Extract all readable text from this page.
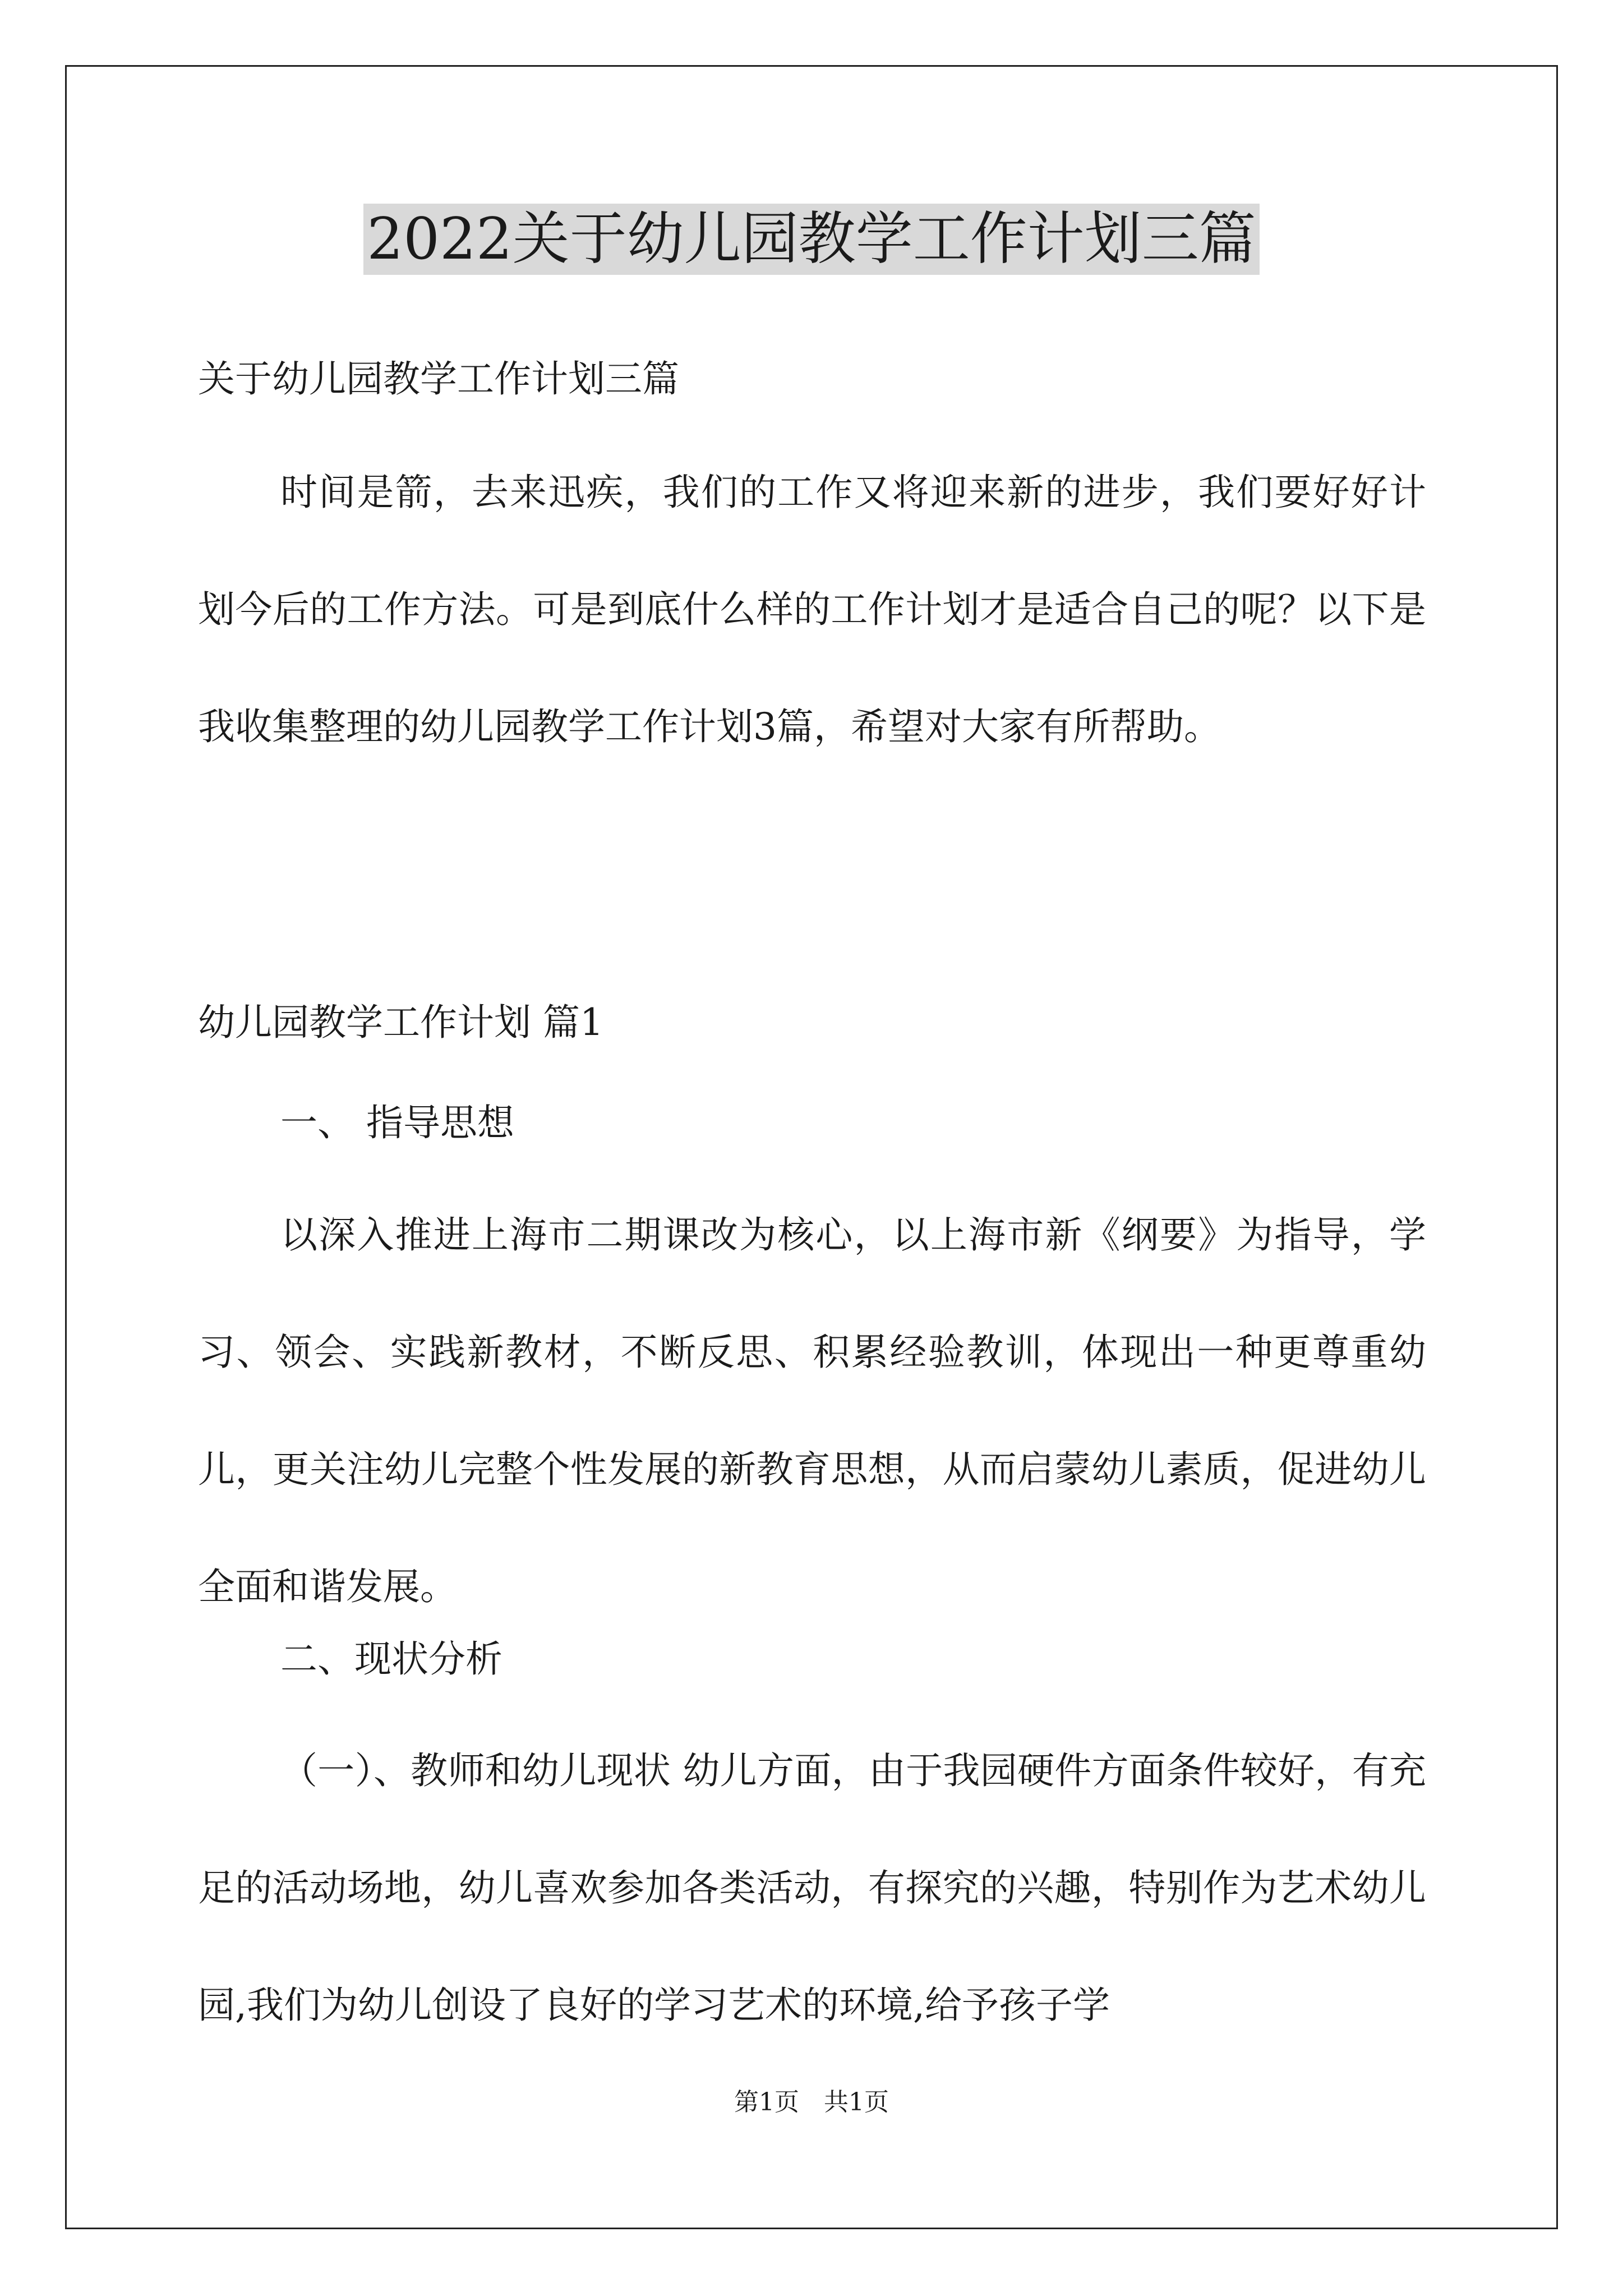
2022关于幼儿园教学工作计划三篇
关于幼儿园教学工作计划三篇
时间是箭，去来迅疾，我们的工作又将迎来新的进步，我们要好好计划今后的工作方法。可是到底什么样的工作计划才是适合自己的呢？以下是我收集整理的幼儿园教学工作计划3篇，希望对大家有所帮助。
幼儿园教学工作计划 篇1
一、 指导思想
以深入推进上海市二期课改为核心，以上海市新《纲要》为指导，学习、领会、实践新教材，不断反思、积累经验教训，体现出一种更尊重幼儿，更关注幼儿完整个性发展的新教育思想，从而启蒙幼儿素质，促进幼儿全面和谐发展。
二、现状分析
（一）、教师和幼儿现状 幼儿方面，由于我园硬件方面条件较好，有充足的活动场地，幼儿喜欢参加各类活动，有探究的兴趣，特别作为艺术幼儿园,我们为幼儿创设了良好的学习艺术的环境,给予孩子学
第1页　共1页
